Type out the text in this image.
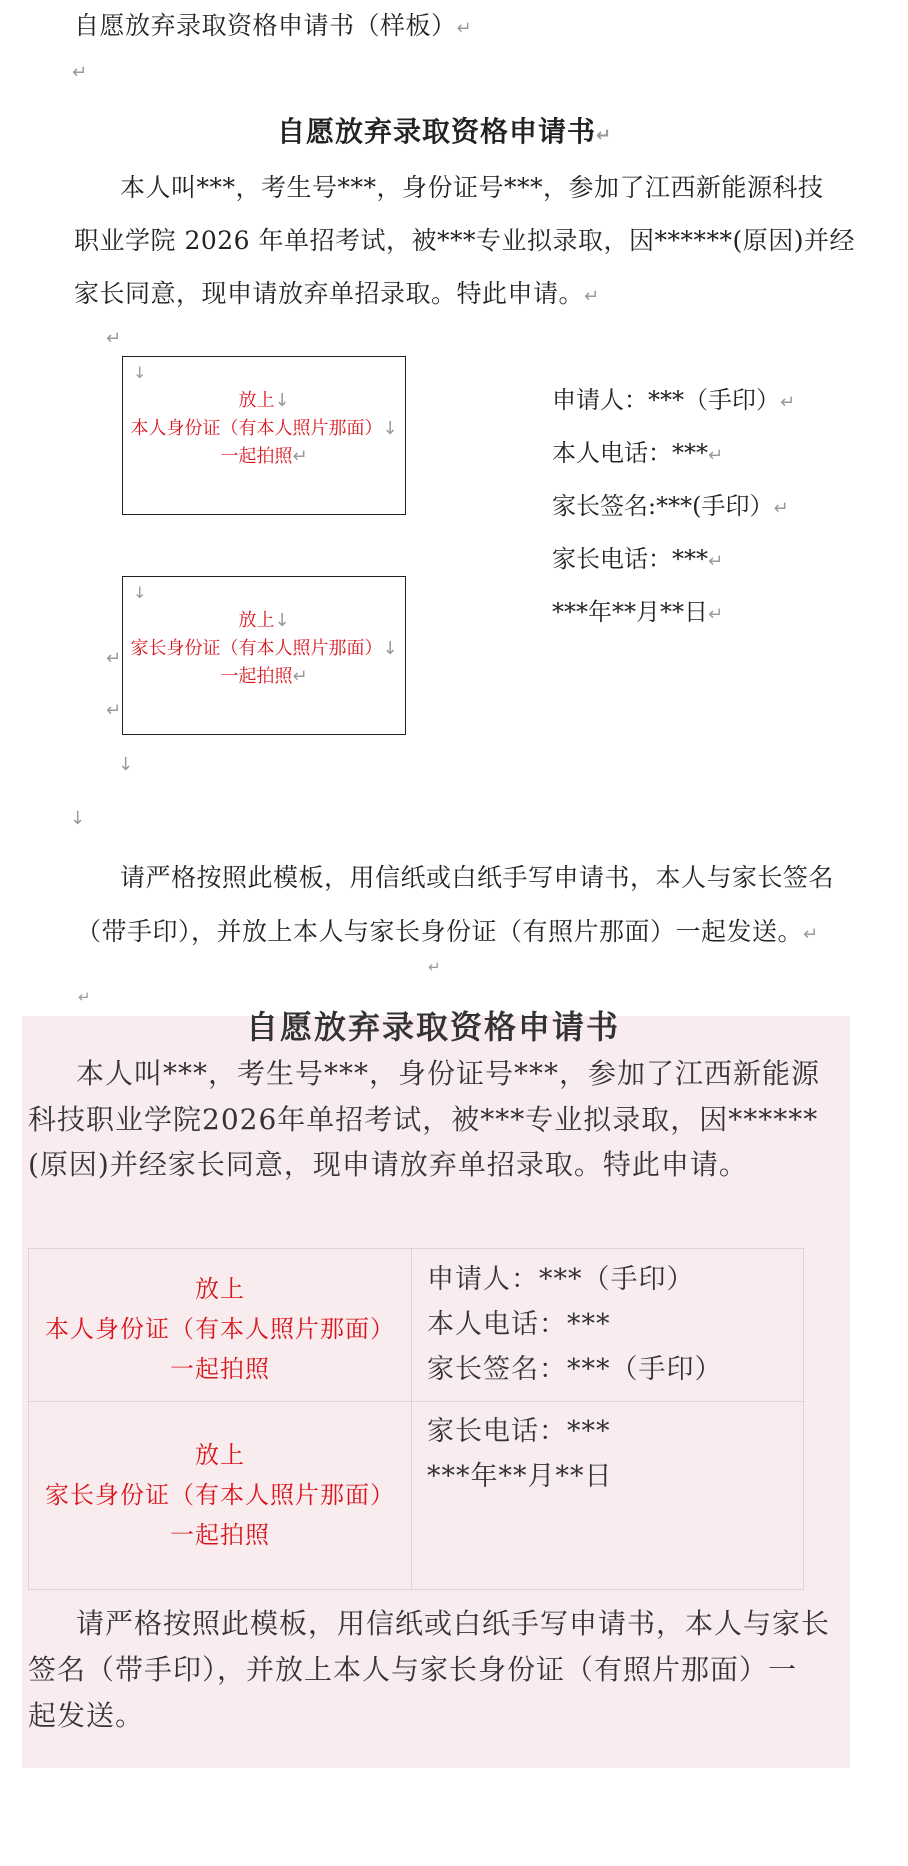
自愿放弃录取资格申请书（样板）↵
↵
自愿放弃录取资格申请书↵
本人叫***，考生号***，身份证号***，参加了江西新能源科技
职业学院 2026 年单招考试，被***专业拟录取，因******(原因)并经
家长同意，现申请放弃单招录取。特此申请。↵
↵
↓
放上↓
本人身份证（有本人照片那面）↓
一起拍照↵
↓
放上↓
家长身份证（有本人照片那面）↓
一起拍照↵
↵
↵
↓
↓
申请人：***（手印）↵
本人电话：***↵
家长签名:***(手印）↵
家长电话：***↵
***年**月**日↵
请严格按照此模板，用信纸或白纸手写申请书，本人与家长签名
（带手印），并放上本人与家长身份证（有照片那面）一起发送。↵
↵
↵
自愿放弃录取资格申请书
本人叫***，考生号***，身份证号***，参加了江西新能源
科技职业学院2026年单招考试，被***专业拟录取，因******
(原因)并经家长同意，现申请放弃单招录取。特此申请。
放上
本人身份证（有本人照片那面）
一起拍照
申请人：***（手印）
本人电话：***
家长签名：***（手印）
放上
家长身份证（有本人照片那面）
一起拍照
家长电话：***
***年**月**日
请严格按照此模板，用信纸或白纸手写申请书，本人与家长
签名（带手印），并放上本人与家长身份证（有照片那面）一
起发送。
